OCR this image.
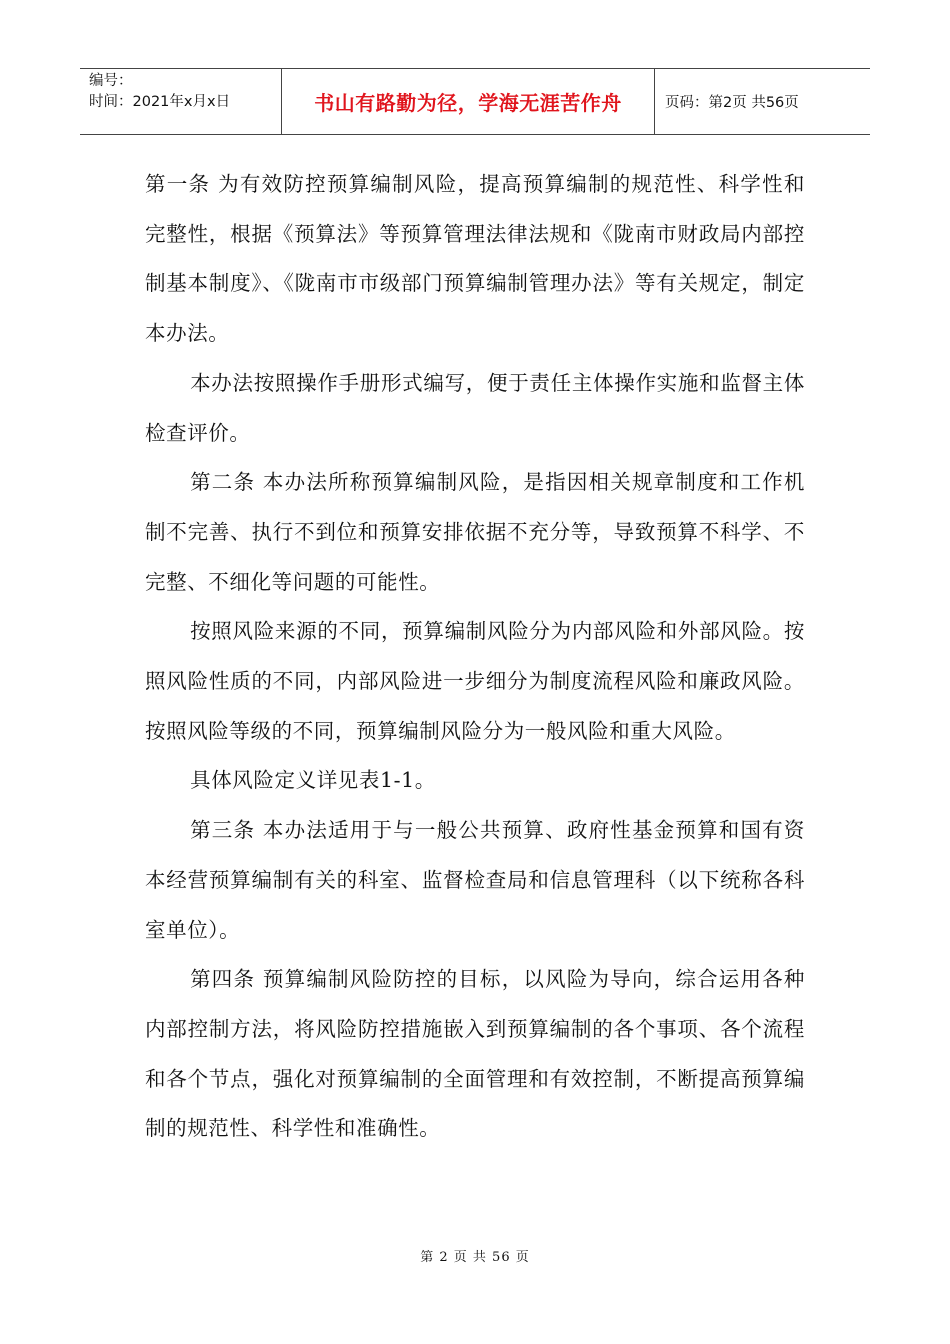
编号：
时间：2021年x月x日	书山有路勤为径，学海无涯苦作舟	页码：第2页 共56页

第一条 为有效防控预算编制风险，提高预算编制的规范性、科学性和完整性，根据《预算法》等预算管理法律法规和《陇南市财政局内部控制基本制度》、《陇南市市级部门预算编制管理办法》等有关规定，制定本办法。

本办法按照操作手册形式编写，便于责任主体操作实施和监督主体检查评价。

第二条 本办法所称预算编制风险，是指因相关规章制度和工作机制不完善、执行不到位和预算安排依据不充分等，导致预算不科学、不完整、不细化等问题的可能性。

按照风险来源的不同，预算编制风险分为内部风险和外部风险。按照风险性质的不同，内部风险进一步细分为制度流程风险和廉政风险。按照风险等级的不同，预算编制风险分为一般风险和重大风险。

具体风险定义详见表1-1。

第三条 本办法适用于与一般公共预算、政府性基金预算和国有资本经营预算编制有关的科室、监督检查局和信息管理科（以下统称各科室单位）。

第四条 预算编制风险防控的目标，以风险为导向，综合运用各种内部控制方法，将风险防控措施嵌入到预算编制的各个事项、各个流程和各个节点，强化对预算编制的全面管理和有效控制，不断提高预算编制的规范性、科学性和准确性。

第 2 页 共 56 页
